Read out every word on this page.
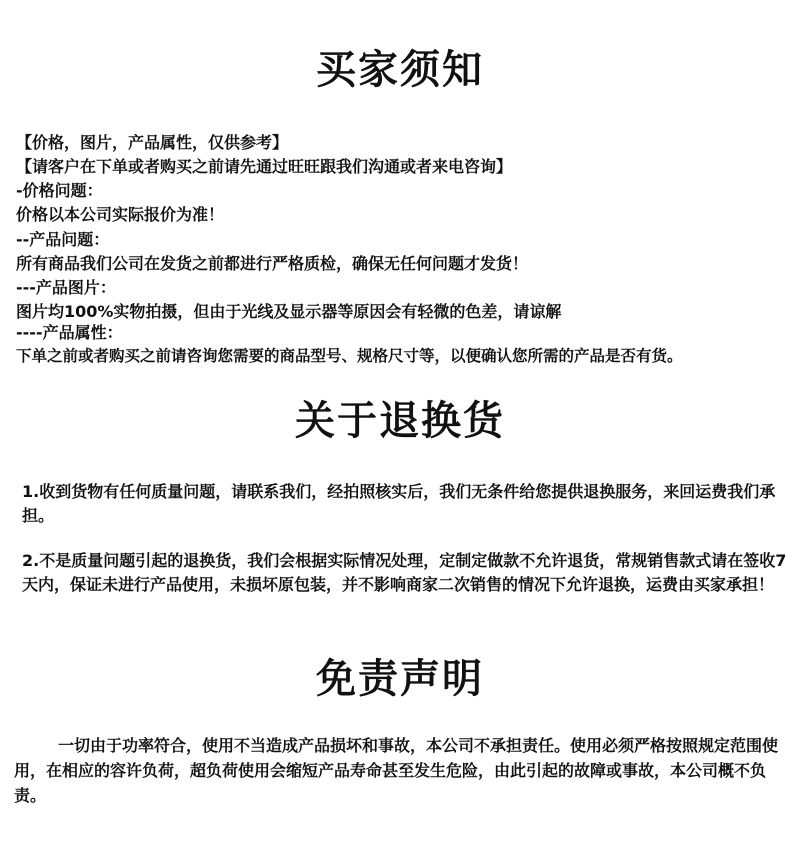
买家须知
【价格，图片，产品属性，仅供参考】
【请客户在下单或者购买之前请先通过旺旺跟我们沟通或者来电咨询】
-价格问题：
价格以本公司实际报价为准！
--产品问题：
所有商品我们公司在发货之前都进行严格质检，确保无任何问题才发货！
---产品图片：
图片均100%实物拍摄，但由于光线及显示器等原因会有轻微的色差，请谅解
----产品属性：
下单之前或者购买之前请咨询您需要的商品型号、规格尺寸等，以便确认您所需的产品是否有货。
关于退换货

1.收到货物有任何质量问题，请联系我们，经拍照核实后，我们无条件给您提供退换服务，来回运费我们承担。

2.不是质量问题引起的退换货，我们会根据实际情况处理，定制定做款不允许退货，常规销售款式请在签收7天内，保证未进行产品使用，未损坏原包装，并不影响商家二次销售的情况下允许退换，运费由买家承担！

免责声明

一切由于功率符合，使用不当造成产品损坏和事故，本公司不承担责任。使用必须严格按照规定范围使用，在相应的容许负荷，超负荷使用会缩短产品寿命甚至发生危险，由此引起的故障或事故，本公司概不负责。
